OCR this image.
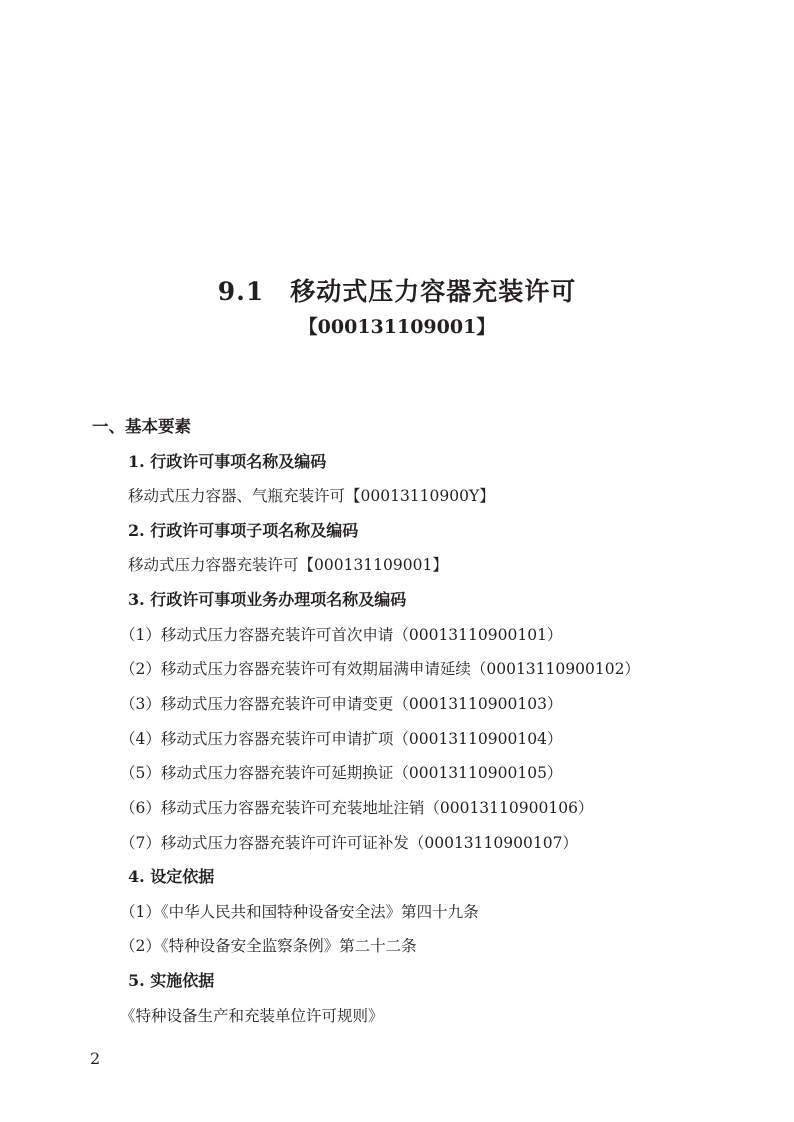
9.1 移动式压力容器充装许可
【000131109001】
一、基本要素
1. 行政许可事项名称及编码
移动式压力容器、气瓶充装许可【00013110900Y】
2. 行政许可事项子项名称及编码
移动式压力容器充装许可【000131109001】
3. 行政许可事项业务办理项名称及编码
（1）移动式压力容器充装许可首次申请（00013110900101）
（2）移动式压力容器充装许可有效期届满申请延续（00013110900102）
（3）移动式压力容器充装许可申请变更（00013110900103）
（4）移动式压力容器充装许可申请扩项（00013110900104）
（5）移动式压力容器充装许可延期换证（00013110900105）
（6）移动式压力容器充装许可充装地址注销（00013110900106）
（7）移动式压力容器充装许可许可证补发（00013110900107）
4. 设定依据
（1）《中华人民共和国特种设备安全法》第四十九条
（2）《特种设备安全监察条例》第二十二条
5. 实施依据
《特种设备生产和充装单位许可规则》
2
